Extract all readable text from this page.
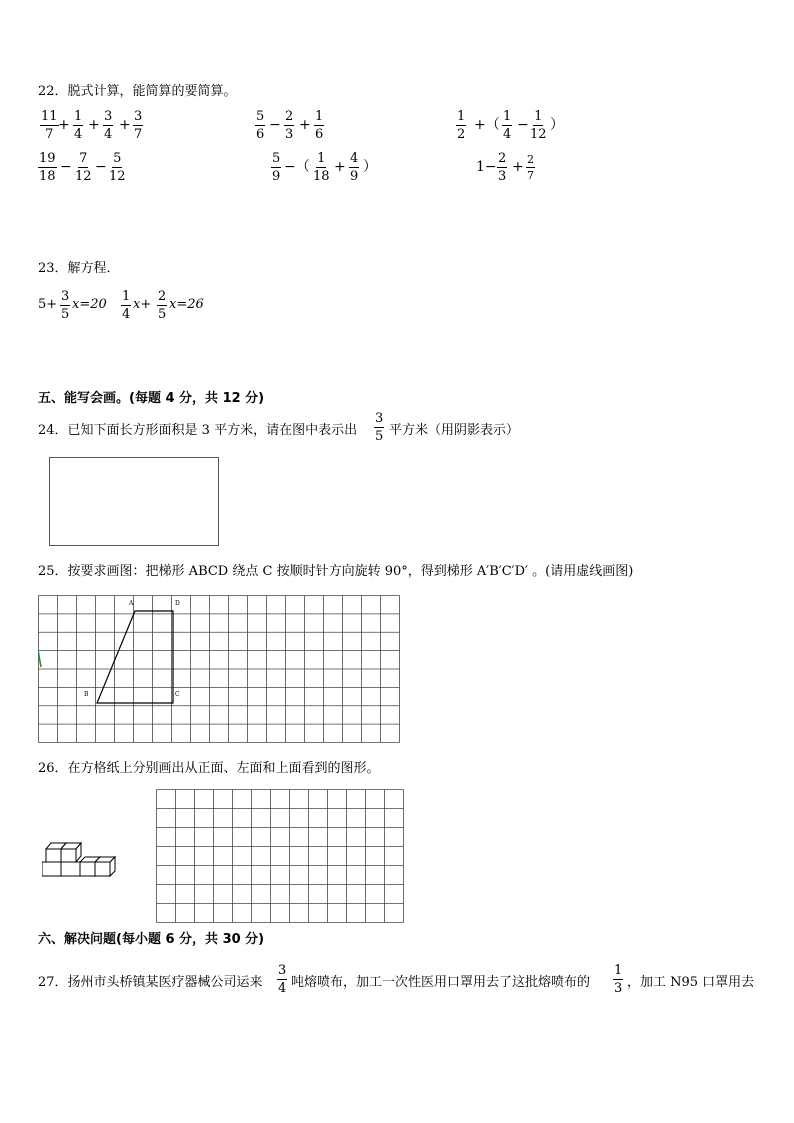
22．脱式计算，能简算的要简算。
$\frac{11}{7} + \frac{1}{4} + \frac{3}{4} + \frac{3}{7}$	$\frac{5}{6} - \frac{2}{3} + \frac{1}{6}$	$\frac{1}{2}$ +（ $\frac{1}{4} - \frac{1}{12}$ ）
$\frac{19}{18} - \frac{7}{12} - \frac{5}{12}$	$\frac{5}{9}$ −（ $\frac{1}{18} + \frac{4}{9}$ ）	$1- \frac{2}{3} + \frac{2}{7}$
23．解方程．
$5+ \frac{3}{5} x=20 \frac{1}{4} x+ \frac{2}{5} x=26$
五、能写会画。(每题 4 分，共 12 分)
24．已知下面长方形面积是 3 平方米，请在图中表示出 $\frac{3}{5}$ 平方米（用阴影表示）
25．按要求画图：把梯形 ABCD 绕点 C 按顺时针方向旋转 90°，得到梯形 A′B′C′D′ 。(请用虚线画图)
A	D
B	C
26．在方格纸上分别画出从正面、左面和上面看到的图形。
六、解决问题(每小题 6 分，共 30 分)
27．扬州市头桥镇某医疗器械公司运来 $\frac{3}{4}$ 吨熔喷布，加工一次性医用口罩用去了这批熔喷布的 $\frac{1}{3}$ ，加工 N95 口罩用去
